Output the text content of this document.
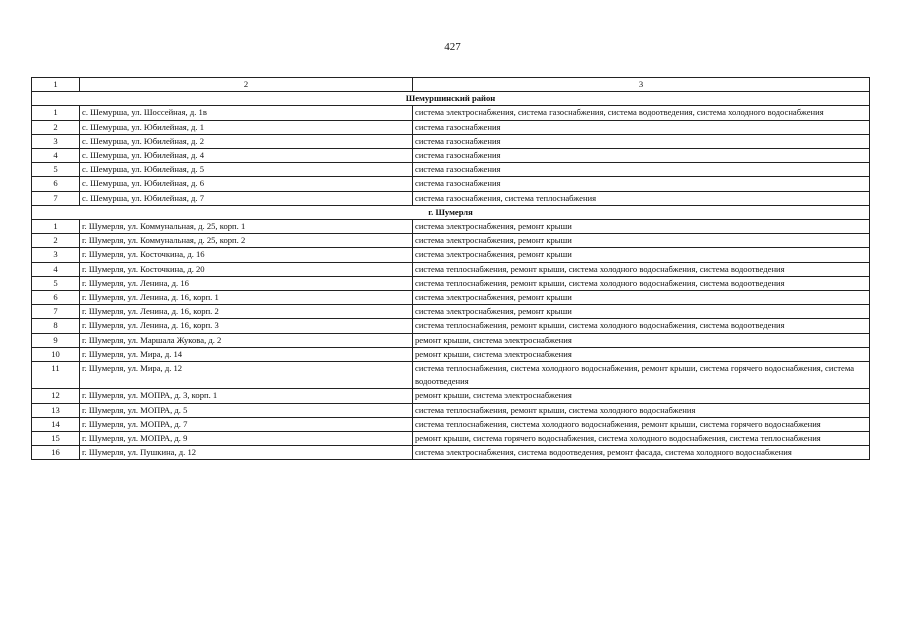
427
1	2	3
Шемуршинский район		
1	с. Шемурша, ул. Шоссейная, д. 1в	система электроснабжения, система газоснабжения, система водоотведения, система холодного водоснабжения
2	с. Шемурша, ул. Юбилейная, д. 1	система газоснабжения
3	с. Шемурша, ул. Юбилейная, д. 2	система газоснабжения
4	с. Шемурша, ул. Юбилейная, д. 4	система газоснабжения
5	с. Шемурша, ул. Юбилейная, д. 5	система газоснабжения
6	с. Шемурша, ул. Юбилейная, д. 6	система газоснабжения
7	с. Шемурша, ул. Юбилейная, д. 7	система газоснабжения, система теплоснабжения
г. Шумерля		
1	г. Шумерля, ул. Коммунальная, д. 25, корп. 1	система электроснабжения, ремонт крыши
2	г. Шумерля, ул. Коммунальная, д. 25, корп. 2	система электроснабжения, ремонт крыши
3	г. Шумерля, ул. Косточкина, д. 16	система электроснабжения, ремонт крыши
4	г. Шумерля, ул. Косточкина, д. 20	система теплоснабжения, ремонт крыши, система холодного водоснабжения, система водоотведения
5	г. Шумерля, ул. Ленина, д. 16	система теплоснабжения, ремонт крыши, система холодного водоснабжения, система водоотведения
6	г. Шумерля, ул. Ленина, д. 16, корп. 1	система электроснабжения, ремонт крыши
7	г. Шумерля, ул. Ленина, д. 16, корп. 2	система электроснабжения, ремонт крыши
8	г. Шумерля, ул. Ленина, д. 16, корп. 3	система теплоснабжения, ремонт крыши, система холодного водоснабжения, система водоотведения
9	г. Шумерля, ул. Маршала Жукова, д. 2	ремонт крыши, система электроснабжения
10	г. Шумерля, ул. Мира, д. 14	ремонт крыши, система электроснабжения
11	г. Шумерля, ул. Мира, д. 12	система теплоснабжения, система холодного водоснабжения, ремонт крыши, система горячего водоснабжения, система водоотведения
12	г. Шумерля, ул. МОПРА, д. 3, корп. 1	ремонт крыши, система электроснабжения
13	г. Шумерля, ул. МОПРА, д. 5	система теплоснабжения, ремонт крыши, система холодного водоснабжения
14	г. Шумерля, ул. МОПРА, д. 7	система теплоснабжения, система холодного водоснабжения, ремонт крыши, система горячего водоснабжения
15	г. Шумерля, ул. МОПРА, д. 9	ремонт крыши, система горячего водоснабжения, система холодного водоснабжения, система теплоснабжения
16	г. Шумерля, ул. Пушкина, д. 12	система электроснабжения, система водоотведения, ремонт фасада, система холодного водоснабжения
